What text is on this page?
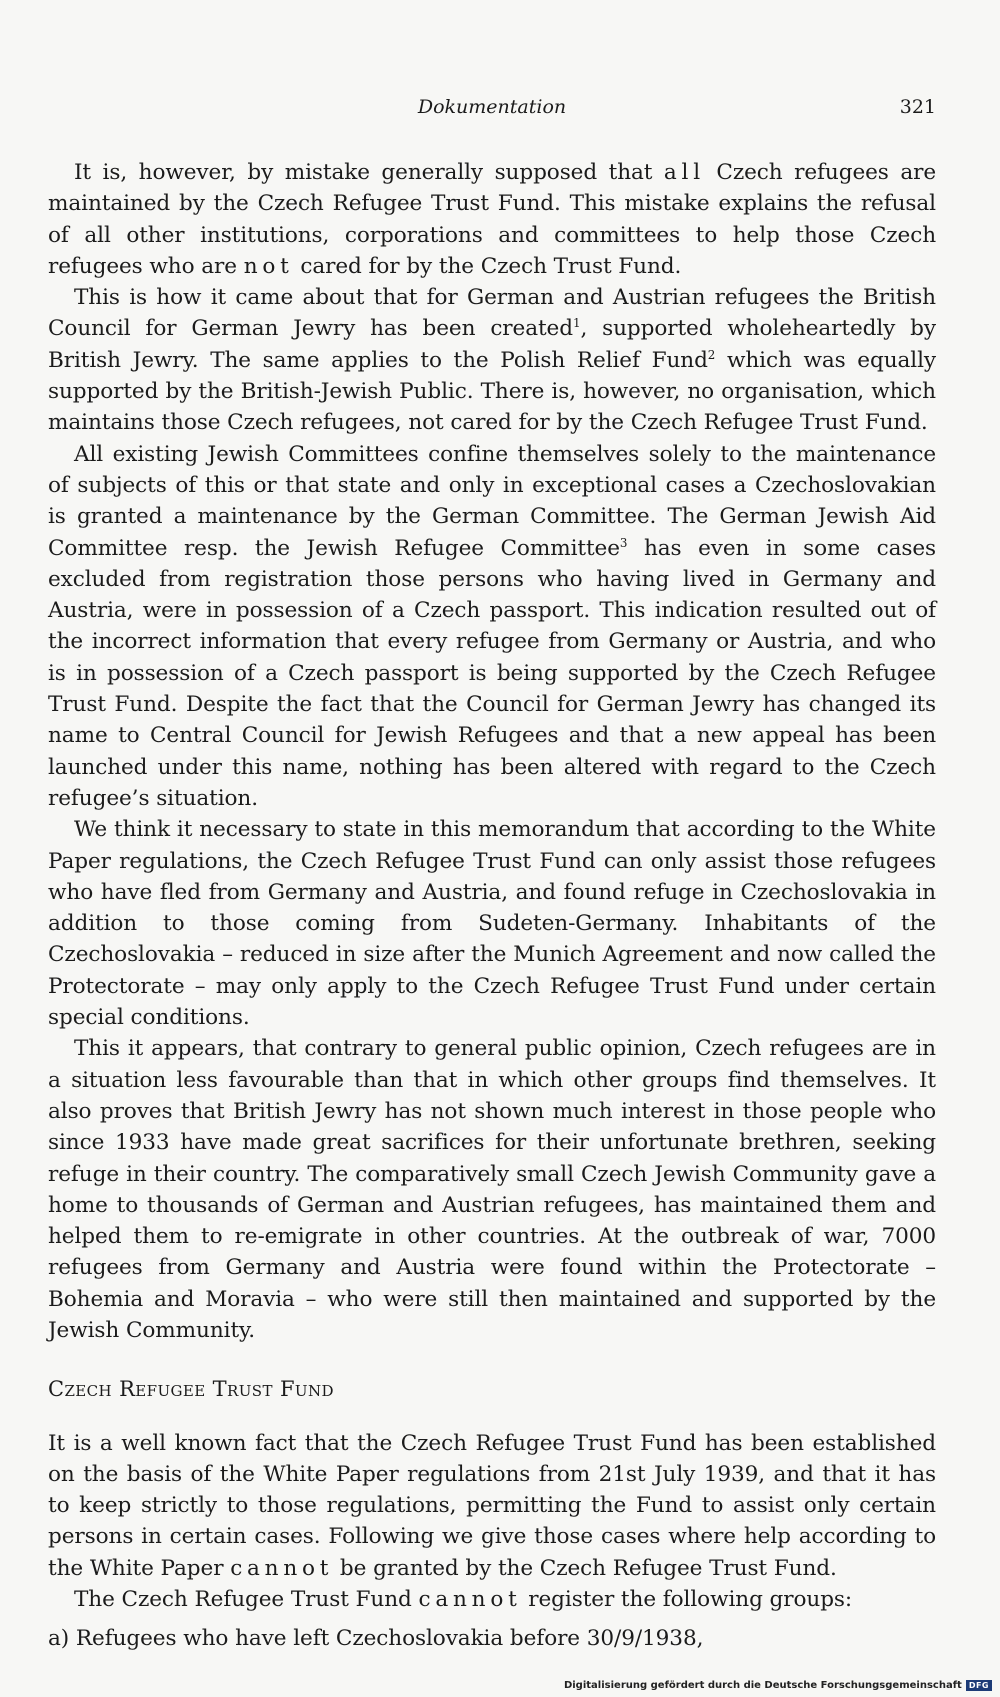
Dokumentation	321

It is, however, by mistake generally supposed that all Czech refugees are maintained by the Czech Refugee Trust Fund. This mistake explains the refusal of all other institutions, corporations and committees to help those Czech refugees who are not cared for by the Czech Trust Fund.

This is how it came about that for German and Austrian refugees the British Council for German Jewry has been created$^1$, supported wholeheartedly by British Jewry. The same applies to the Polish Relief Fund$^2$ which was equally supported by the British-Jewish Public. There is, however, no organisation, which maintains those Czech refugees, not cared for by the Czech Refugee Trust Fund.

All existing Jewish Committees confine themselves solely to the maintenance of subjects of this or that state and only in exceptional cases a Czechoslovakian is granted a maintenance by the German Committee. The German Jewish Aid Committee resp. the Jewish Refugee Committee$^3$ has even in some cases excluded from registration those persons who having lived in Germany and Austria, were in possession of a Czech passport. This indication resulted out of the incorrect information that every refugee from Germany or Austria, and who is in possession of a Czech passport is being supported by the Czech Refugee Trust Fund. Despite the fact that the Council for German Jewry has changed its name to Central Council for Jewish Refugees and that a new appeal has been launched under this name, nothing has been altered with regard to the Czech refugee’s situation.

We think it necessary to state in this memorandum that according to the White Paper regulations, the Czech Refugee Trust Fund can only assist those refugees who have fled from Germany and Austria, and found refuge in Czechoslovakia in addition to those coming from Sudeten-Germany. Inhabitants of the Czechoslovakia – reduced in size after the Munich Agreement and now called the Protectorate – may only apply to the Czech Refugee Trust Fund under certain special conditions.

This it appears, that contrary to general public opinion, Czech refugees are in a situation less favourable than that in which other groups find themselves. It also proves that British Jewry has not shown much interest in those people who since 1933 have made great sacrifices for their unfortunate brethren, seeking refuge in their country. The comparatively small Czech Jewish Community gave a home to thousands of German and Austrian refugees, has maintained them and helped them to re-emigrate in other countries. At the outbreak of war, 7000 refugees from Germany and Austria were found within the Protectorate – Bohemia and Moravia – who were still then maintained and supported by the Jewish Community.

Czech Refugee Trust Fund

It is a well known fact that the Czech Refugee Trust Fund has been established on the basis of the White Paper regulations from 21st July 1939, and that it has to keep strictly to those regulations, permitting the Fund to assist only certain persons in certain cases. Following we give those cases where help according to the White Paper cannot be granted by the Czech Refugee Trust Fund.

The Czech Refugee Trust Fund cannot register the following groups:

a) Refugees who have left Czechoslovakia before 30/9/1938,

Digitalisierung gefördert durch die Deutsche Forschungsgemeinschaft DFG
